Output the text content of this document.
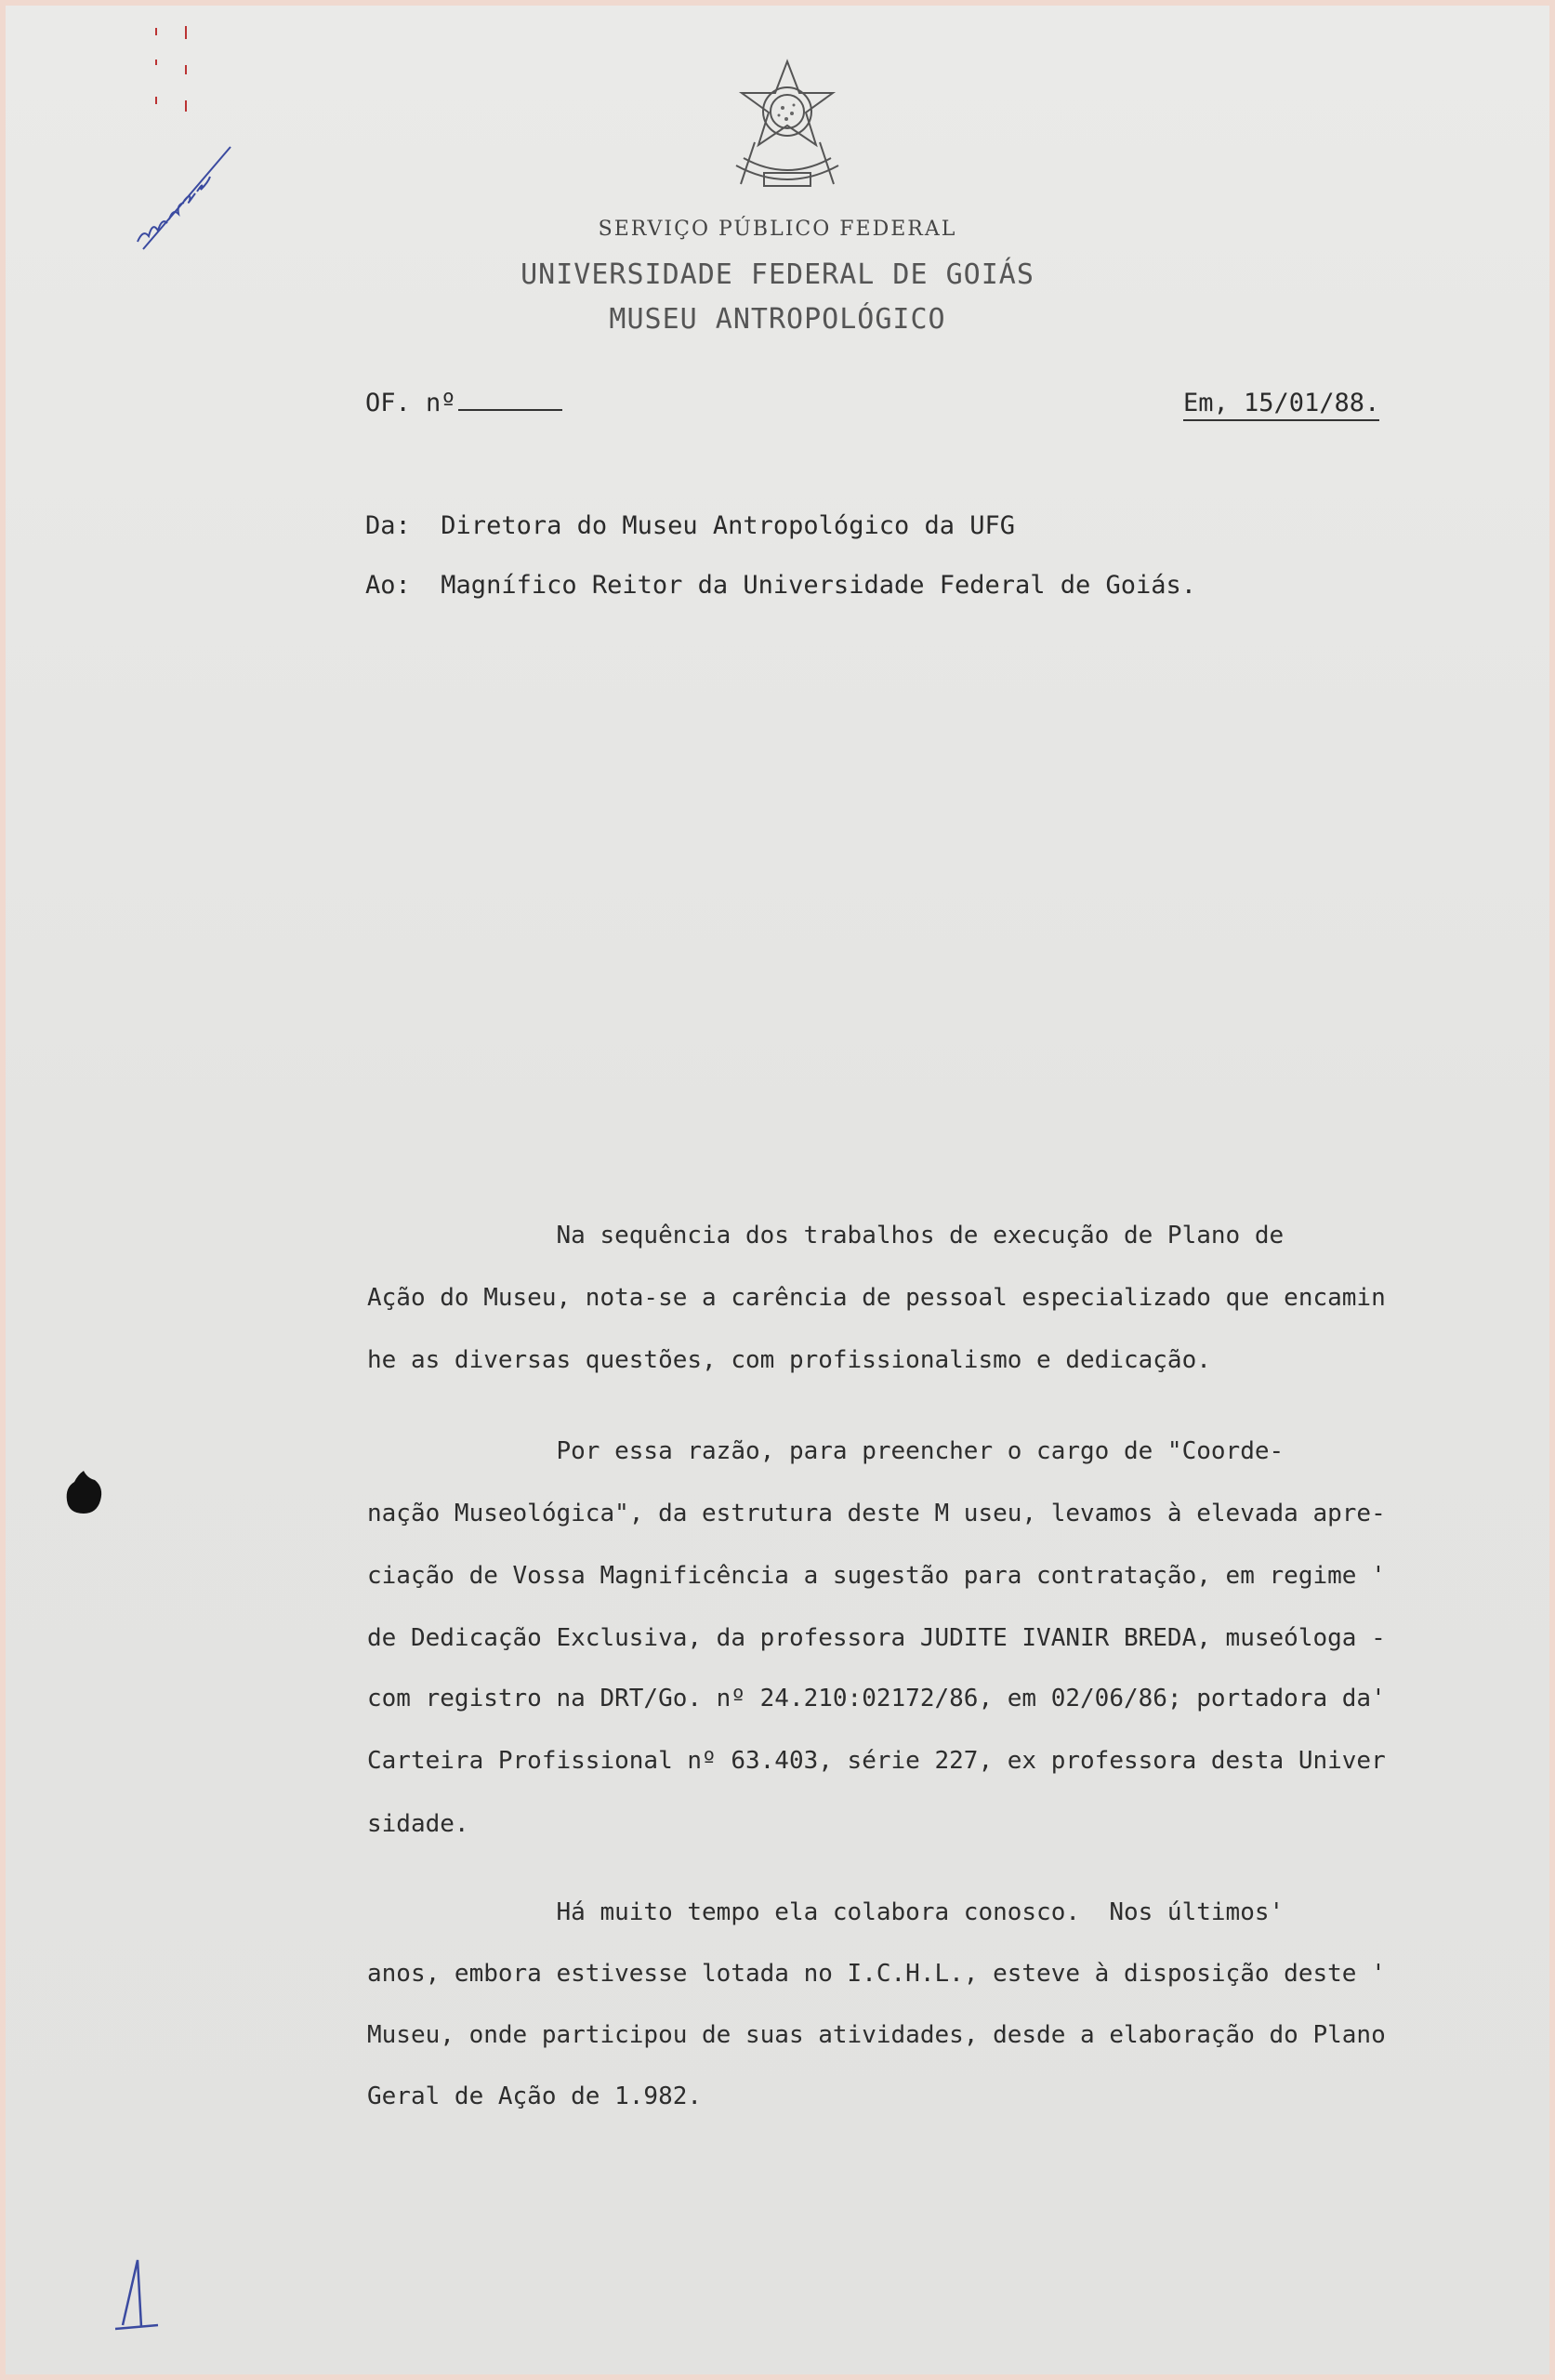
SERVIÇO PÚBLICO FEDERAL
UNIVERSIDADE FEDERAL DE GOIÁS
MUSEU ANTROPOLÓGICO
OF. nº	Em, 15/01/88.
Da: Diretora do Museu Antropológico da UFG
Ao: Magnífico Reitor da Universidade Federal de Goiás.
Na sequência dos trabalhos de execução de Plano de
Ação do Museu, nota-se a carência de pessoal especializado que encamin
he as diversas questões, com profissionalismo e dedicação.
Por essa razão, para preencher o cargo de "Coorde-
nação Museológica", da estrutura deste M useu, levamos à elevada apre-
ciação de Vossa Magnificência a sugestão para contratação, em regime '
de Dedicação Exclusiva, da professora JUDITE IVANIR BREDA, museóloga -
com registro na DRT/Go. nº 24.210:02172/86, em 02/06/86; portadora da'
Carteira Profissional nº 63.403, série 227, ex professora desta Univer
sidade.
Há muito tempo ela colabora conosco.  Nos últimos'
anos, embora estivesse lotada no I.C.H.L., esteve à disposição deste '
Museu, onde participou de suas atividades, desde a elaboração do Plano
Geral de Ação de 1.982.
